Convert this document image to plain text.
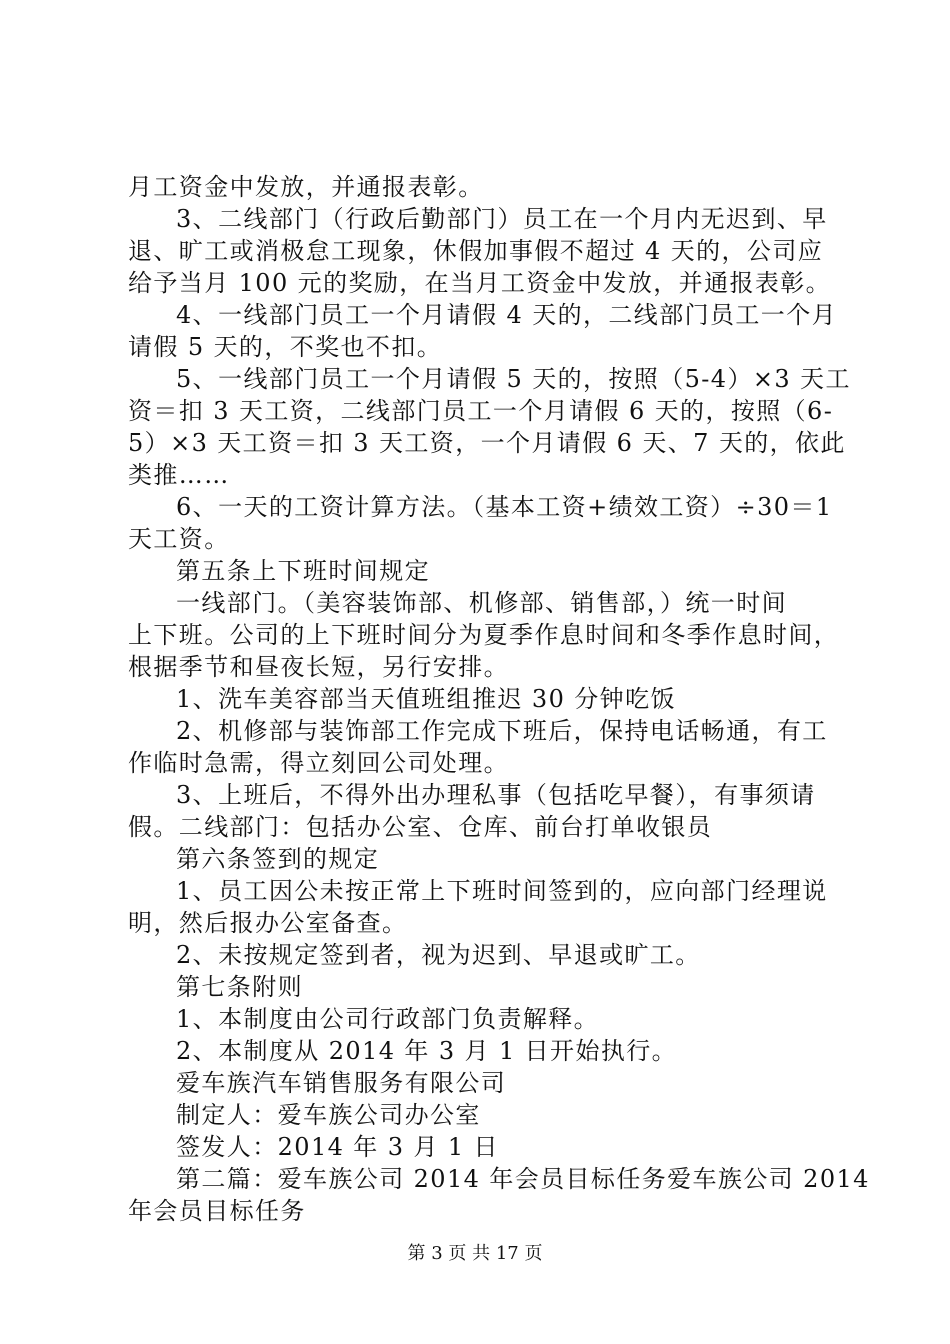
月工资金中发放，并通报表彰。
3、二线部门（行政后勤部门）员工在一个月内无迟到、早
退、旷工或消极怠工现象，休假加事假不超过 4 天的，公司应
给予当月 100 元的奖励，在当月工资金中发放，并通报表彰。
4、一线部门员工一个月请假 4 天的，二线部门员工一个月
请假 5 天的，不奖也不扣。
5、一线部门员工一个月请假 5 天的，按照（5-4）×3 天工
资＝扣 3 天工资，二线部门员工一个月请假 6 天的，按照（6-
5）×3 天工资＝扣 3 天工资，一个月请假 6 天、7 天的，依此
类推……
6、一天的工资计算方法。（基本工资+绩效工资）÷30＝1
天工资。
第五条上下班时间规定
一线部门。（美容装饰部、机修部、销售部，）统一时间
上下班。公司的上下班时间分为夏季作息时间和冬季作息时间，
根据季节和昼夜长短，另行安排。
1、洗车美容部当天值班组推迟 30 分钟吃饭
2、机修部与装饰部工作完成下班后，保持电话畅通，有工
作临时急需，得立刻回公司处理。
3、上班后，不得外出办理私事（包括吃早餐），有事须请
假。二线部门：包括办公室、仓库、前台打单收银员
第六条签到的规定
1、员工因公未按正常上下班时间签到的，应向部门经理说
明，然后报办公室备查。
2、未按规定签到者，视为迟到、早退或旷工。
第七条附则
1、本制度由公司行政部门负责解释。
2、本制度从 2014 年 3 月 1 日开始执行。
爱车族汽车销售服务有限公司
制定人：爱车族公司办公室
签发人：2014 年 3 月 1 日
第二篇：爱车族公司 2014 年会员目标任务爱车族公司 2014
年会员目标任务
第 3 页 共 17 页
